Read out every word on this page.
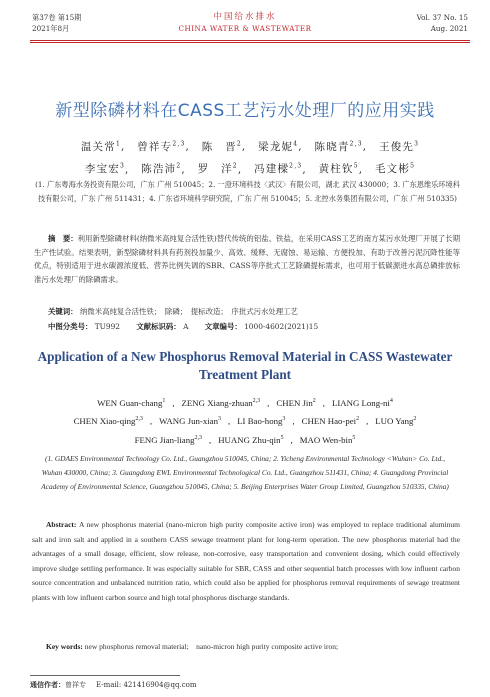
第37卷 第15期
2021年8月
中国给水排水
CHINA WATER & WASTEWATER
Vol. 37 No. 15
Aug. 2021
新型除磷材料在CASS工艺污水处理厂的应用实践
温关常$^1$,　曾祥专$^{2,3}$,　陈　晋$^2$,　梁龙妮$^4$,　陈晓青$^{2,3}$,　王俊先$^3$
李宝宏$^3$,　陈浩沛$^2$,　罗　洋$^2$,　冯建樑$^{2,3}$,　黄柱钦$^5$,　毛文彬$^5$
(1. 广东粤海水务投资有限公司，广东 广州 510045；2. 一澄环境科技〈武汉〉有限公司，湖北 武汉 430000；3. 广东恩维乐环境科技有限公司，广东 广州 511431；4. 广东省环境科学研究院，广东 广州 510045；5. 北控水务集团有限公司，广东 广州 510335)
摘　要：利用新型除磷材料(纳微米高纯复合活性铁)替代传统的铝盐、铁盐，在采用CASS工艺的南方某污水处理厂开展了长期生产性试验。结果表明，新型除磷材料具有药剂投加量少、高效、缓释、无腐蚀、易运输、方便投加、有助于改善污泥沉降性能等优点，特别适用于进水碳源浓度低、营养比例失调的SBR、CASS等序批式工艺除磷提标需求，也可用于低碳源进水高总磷排放标准污水处理厂的除磷需求。
关键词： 纳微米高纯复合活性铁；　除磷；　提标改造；　序批式污水处理工艺
中图分类号： TU992 文献标识码： A 文章编号： 1000-4602(2021)15
Application of a New Phosphorus Removal Material in CASS Wastewater Treatment Plant
WEN Guan-chang$^1$ , ZENG Xiang-zhuan$^{2,3}$ , CHEN Jin$^2$ , LIANG Long-$ni^4$
CHEN Xiao-qing$^{2,3}$ , WANG Jun-xian$^3$ , LI Bao-hong$^3$ , CHEN Hao-pei$^2$ , LUO Yang$^2$
FENG Jian-liang$^{2,3}$ , HUANG Zhu-qin$^5$ , MAO Wen-bin$^5$
(1. GDAES Environmental Technology Co. Ltd., Guangzhou 510045, China; 2. Yicheng Environmental Technology <Wuhan> Co. Ltd., Wuhan 430000, China; 3. Guangdong EWL Environmental Technological Co. Ltd., Guangzhou 511431, China; 4. Guangdong Provincial Academy of Environmental Science, Guangzhou 510045, China; 5. Beijing Enterprises Water Group Limited, Guangzhou 510335, China)
Abstract: A new phosphorus material (nano-micron high purity composite active iron) was employed to replace traditional aluminum salt and iron salt and applied in a southern CASS sewage treatment plant for long-term operation. The new phosphorus material had the advantages of a small dosage, efficient, slow release, non-corrosive, easy transportation and convenient dosing, which could effectively improve sludge settling performance. It was especially suitable for SBR, CASS and other sequential batch processes with low influent carbon source concentration and unbalanced nutrition ratio, which could also be applied for phosphorus removal requirements of sewage treatment plants with low influent carbon source and high total phosphorus discharge standards.
Key words: new phosphorus removal material;　nano-micron high purity composite active iron;
通信作者：曾祥专 E-mail: 421416904@qq.com
